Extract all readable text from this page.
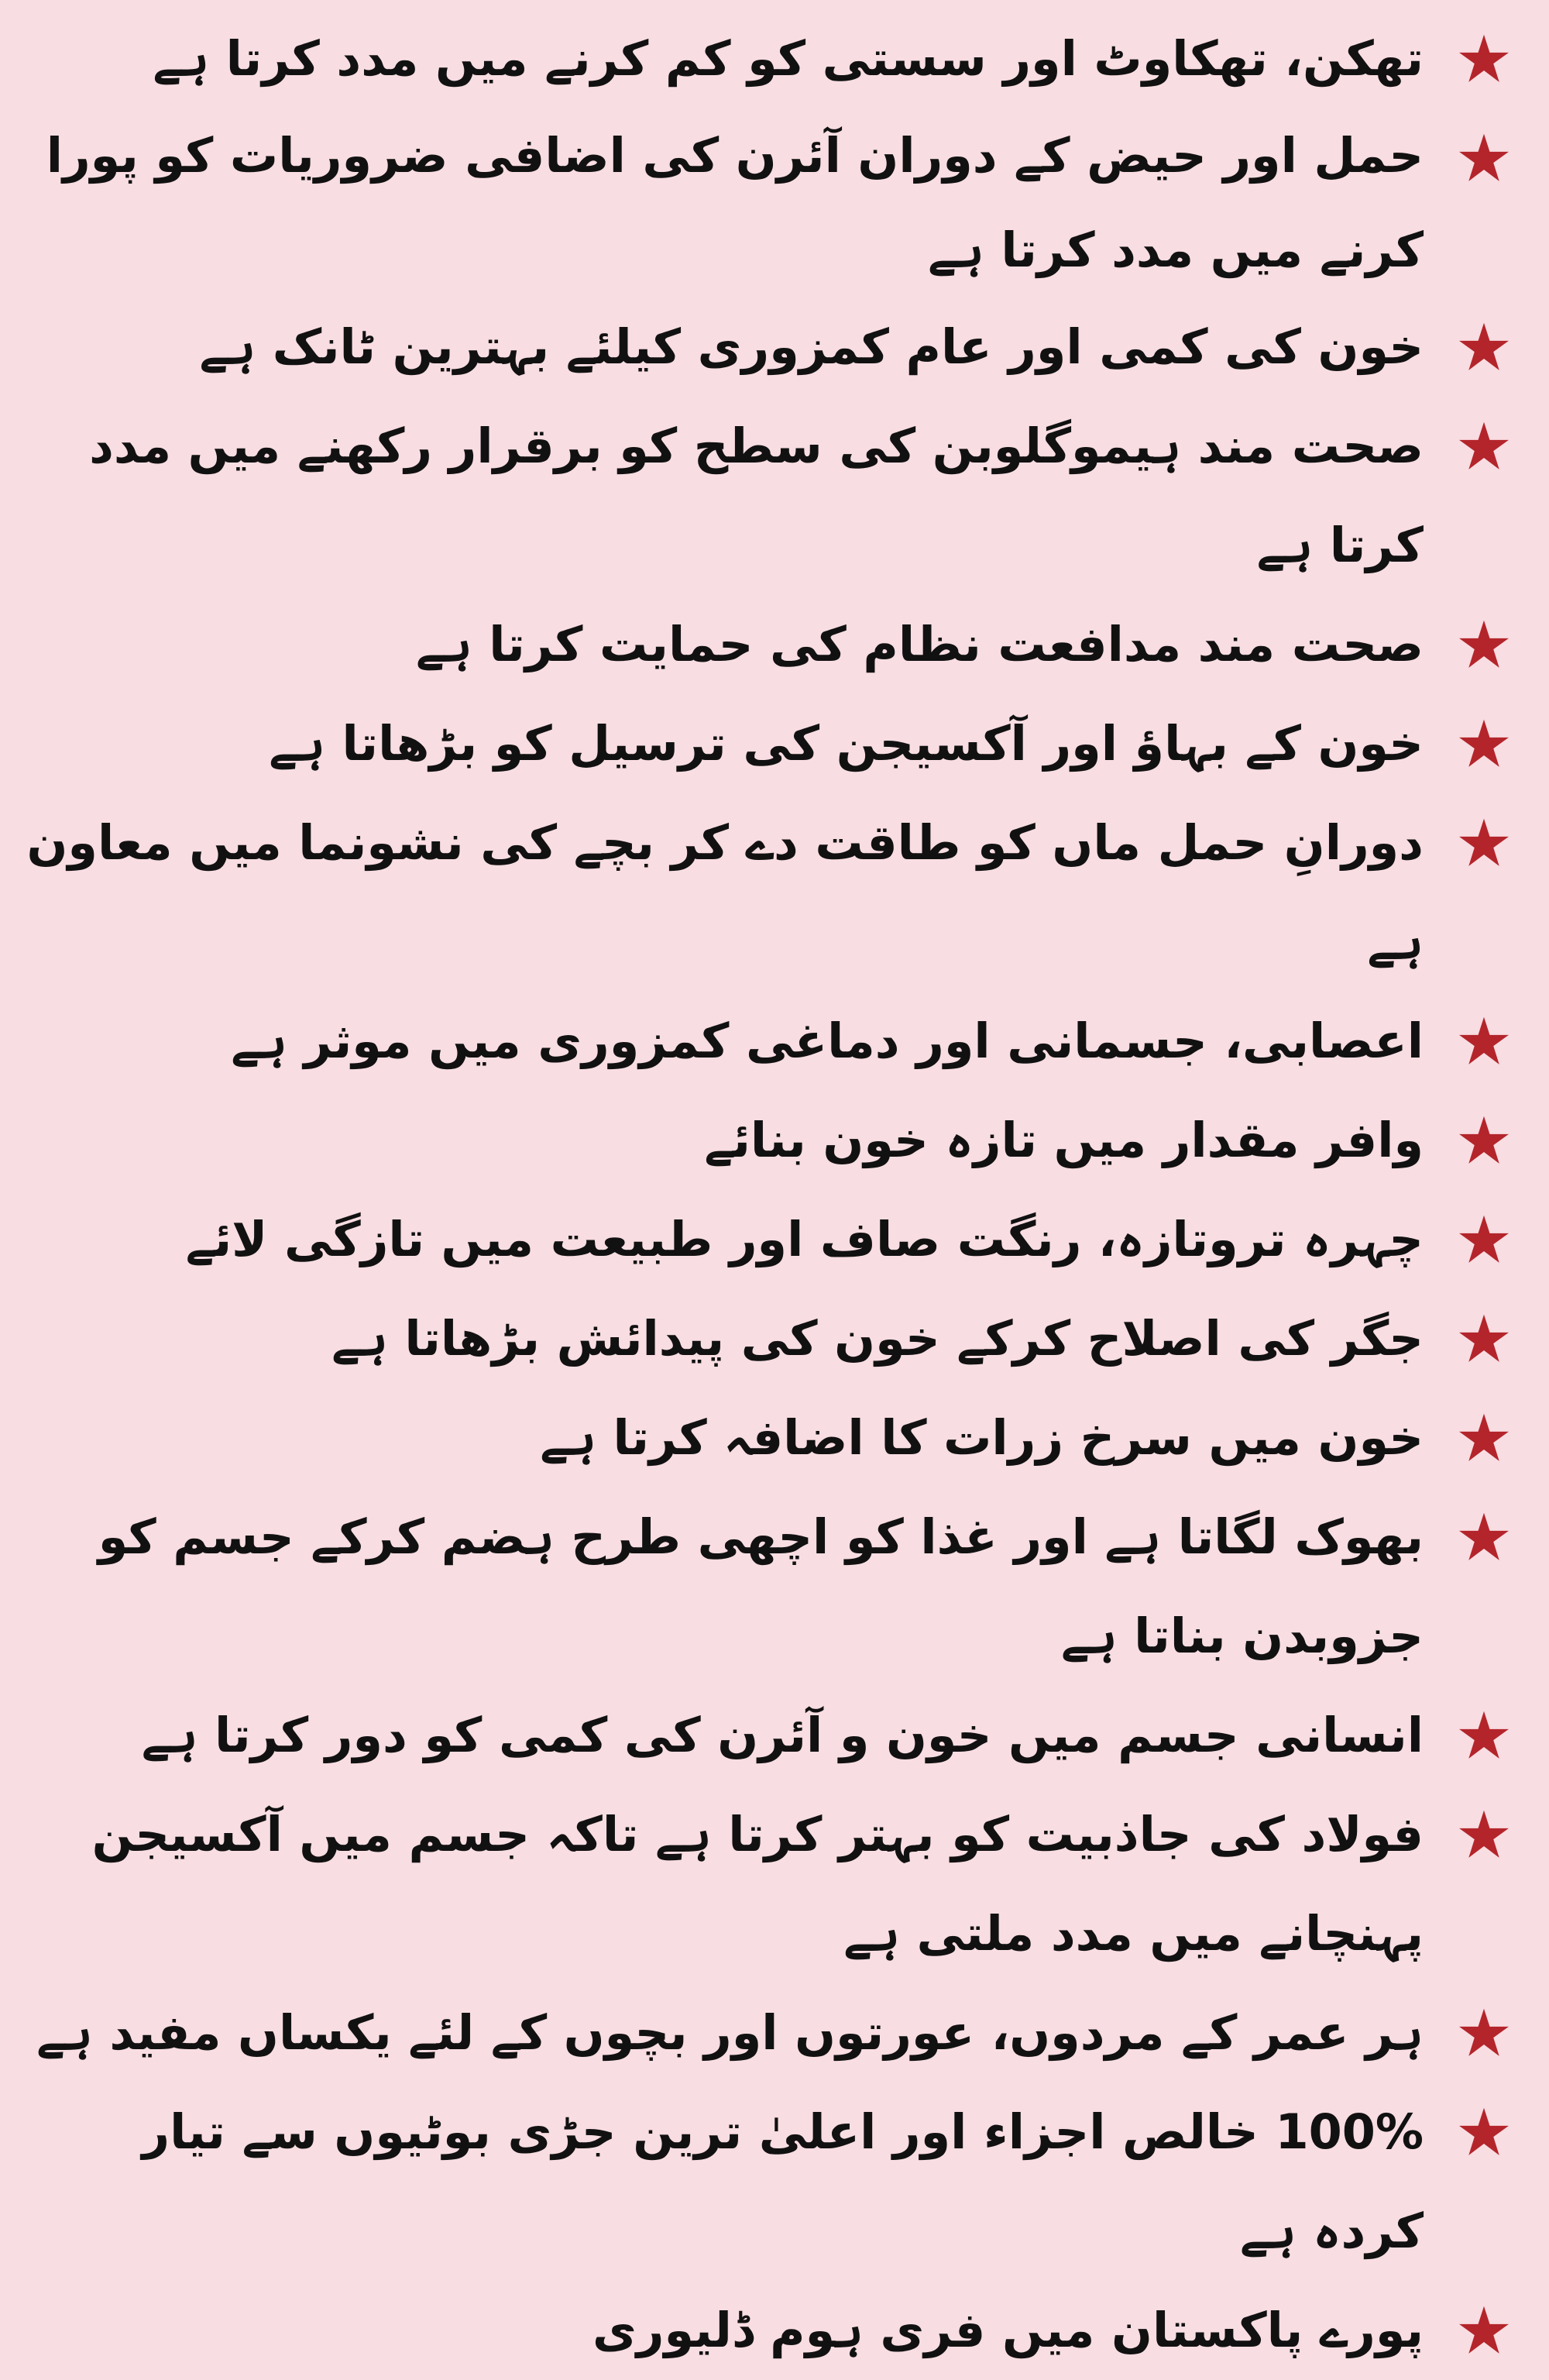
تھکن، تھکاوٹ اور سستی کو کم کرنے میں مدد کرتا ہے
حمل اور حیض کے دوران آئرن کی اضافی ضروریات کو پورا کرنے میں مدد کرتا ہے
خون کی کمی اور عام کمزوری کیلئے بہترین ٹانک ہے
صحت مند ہیموگلوبن کی سطح کو برقرار رکھنے میں مدد کرتا ہے
صحت مند مدافعت نظام کی حمایت کرتا ہے
خون کے بہاؤ اور آکسیجن کی ترسیل کو بڑھاتا ہے
دورانِ حمل ماں کو طاقت دے کر بچے کی نشونما میں معاون ہے
اعصابی، جسمانی اور دماغی کمزوری میں موثر ہے
وافر مقدار میں تازہ خون بنائے
چہرہ تروتازہ، رنگت صاف اور طبیعت میں تازگی لائے
جگر کی اصلاح کرکے خون کی پیدائش بڑھاتا ہے
خون میں سرخ زرات کا اضافہ کرتا ہے
بھوک لگاتا ہے اور غذا کو اچھی طرح ہضم کرکے جسم کو جزوبدن بناتا ہے
انسانی جسم میں خون و آئرن کی کمی کو دور کرتا ہے
فولاد کی جاذبیت کو بہتر کرتا ہے تاکہ جسم میں آکسیجن پہنچانے میں مدد ملتی ہے
ہر عمر کے مردوں، عورتوں اور بچوں کے لئے یکساں مفید ہے
100% خالص اجزاء اور اعلیٰ ترین جڑی بوٹیوں سے تیار کردہ ہے
پورے پاکستان میں فری ہوم ڈلیوری
